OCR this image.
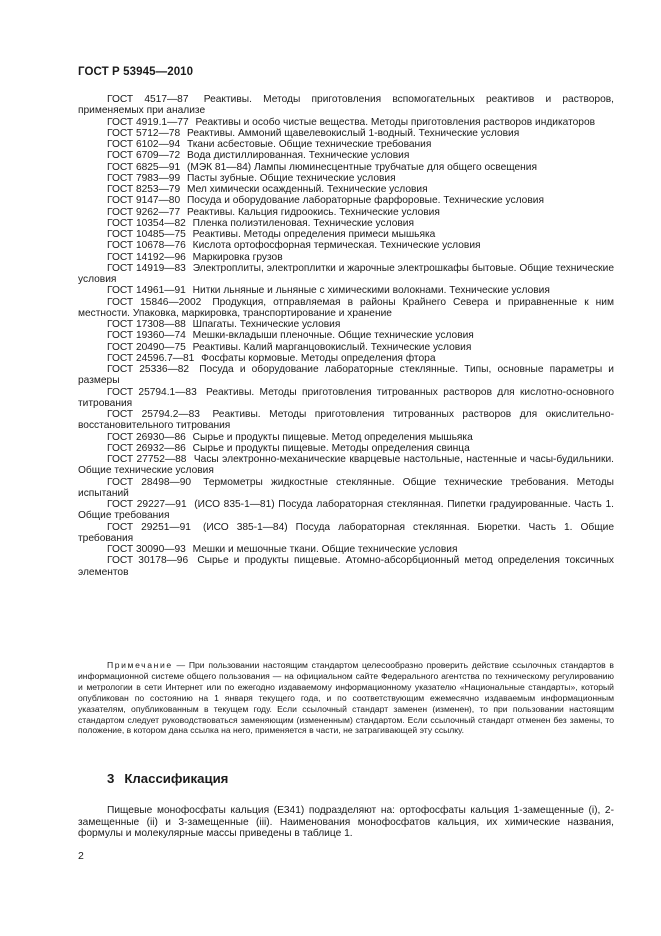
ГОСТ Р 53945—2010

ГОСТ 4517—87 Реактивы. Методы приготовления вспомогательных реактивов и растворов, применяемых при анализе

ГОСТ 4919.1—77 Реактивы и особо чистые вещества. Методы приготовления растворов индикаторов

ГОСТ 5712—78 Реактивы. Аммоний щавелевокислый 1-водный. Технические условия

ГОСТ 6102—94 Ткани асбестовые. Общие технические требования

ГОСТ 6709—72 Вода дистиллированная. Технические условия

ГОСТ 6825—91 (МЭК 81—84) Лампы люминесцентные трубчатые для общего освещения

ГОСТ 7983—99 Пасты зубные. Общие технические условия

ГОСТ 8253—79 Мел химически осажденный. Технические условия

ГОСТ 9147—80 Посуда и оборудование лабораторные фарфоровые. Технические условия

ГОСТ 9262—77 Реактивы. Кальция гидроокись. Технические условия

ГОСТ 10354—82 Пленка полиэтиленовая. Технические условия

ГОСТ 10485—75 Реактивы. Методы определения примеси мышьяка

ГОСТ 10678—76 Кислота ортофосфорная термическая. Технические условия

ГОСТ 14192—96 Маркировка грузов

ГОСТ 14919—83 Электроплиты, электроплитки и жарочные электрошкафы бытовые. Общие технические условия

ГОСТ 14961—91 Нитки льняные и льняные с химическими волокнами. Технические условия

ГОСТ 15846—2002 Продукция, отправляемая в районы Крайнего Севера и приравненные к ним местности. Упаковка, маркировка, транспортирование и хранение

ГОСТ 17308—88 Шпагаты. Технические условия

ГОСТ 19360—74 Мешки-вкладыши пленочные. Общие технические условия

ГОСТ 20490—75 Реактивы. Калий марганцовокислый. Технические условия

ГОСТ 24596.7—81 Фосфаты кормовые. Методы определения фтора

ГОСТ 25336—82 Посуда и оборудование лабораторные стеклянные. Типы, основные параметры и размеры

ГОСТ 25794.1—83 Реактивы. Методы приготовления титрованных растворов для кислотно-основного титрования

ГОСТ 25794.2—83 Реактивы. Методы приготовления титрованных растворов для окислительно-восстановительного титрования

ГОСТ 26930—86 Сырье и продукты пищевые. Метод определения мышьяка

ГОСТ 26932—86 Сырье и продукты пищевые. Методы определения свинца

ГОСТ 27752—88 Часы электронно-механические кварцевые настольные, настенные и часы-будильники. Общие технические условия

ГОСТ 28498—90 Термометры жидкостные стеклянные. Общие технические требования. Методы испытаний

ГОСТ 29227—91 (ИСО 835-1—81) Посуда лабораторная стеклянная. Пипетки градуированные. Часть 1. Общие требования

ГОСТ 29251—91 (ИСО 385-1—84) Посуда лабораторная стеклянная. Бюретки. Часть 1. Общие требования

ГОСТ 30090—93 Мешки и мешочные ткани. Общие технические условия

ГОСТ 30178—96 Сырье и продукты пищевые. Атомно-абсорбционный метод определения токсичных элементов

Примечание — При пользовании настоящим стандартом целесообразно проверить действие ссылочных стандартов в информационной системе общего пользования — на официальном сайте Федерального агентства по техническому регулированию и метрологии в сети Интернет или по ежегодно издаваемому информационному указателю «Национальные стандарты», который опубликован по состоянию на 1 января текущего года, и по соответствующим ежемесячно издаваемым информационным указателям, опубликованным в текущем году. Если ссылочный стандарт заменен (изменен), то при пользовании настоящим стандартом следует руководствоваться заменяющим (измененным) стандартом. Если ссылочный стандарт отменен без замены, то положение, в котором дана ссылка на него, применяется в части, не затрагивающей эту ссылку.

3 Классификация

Пищевые монофосфаты кальция (Е341) подразделяют на: ортофосфаты кальция 1-замещенные (i), 2-замещенные (ii) и 3-замещенные (iii). Наименования монофосфатов кальция, их химические названия, формулы и молекулярные массы приведены в таблице 1.

2
